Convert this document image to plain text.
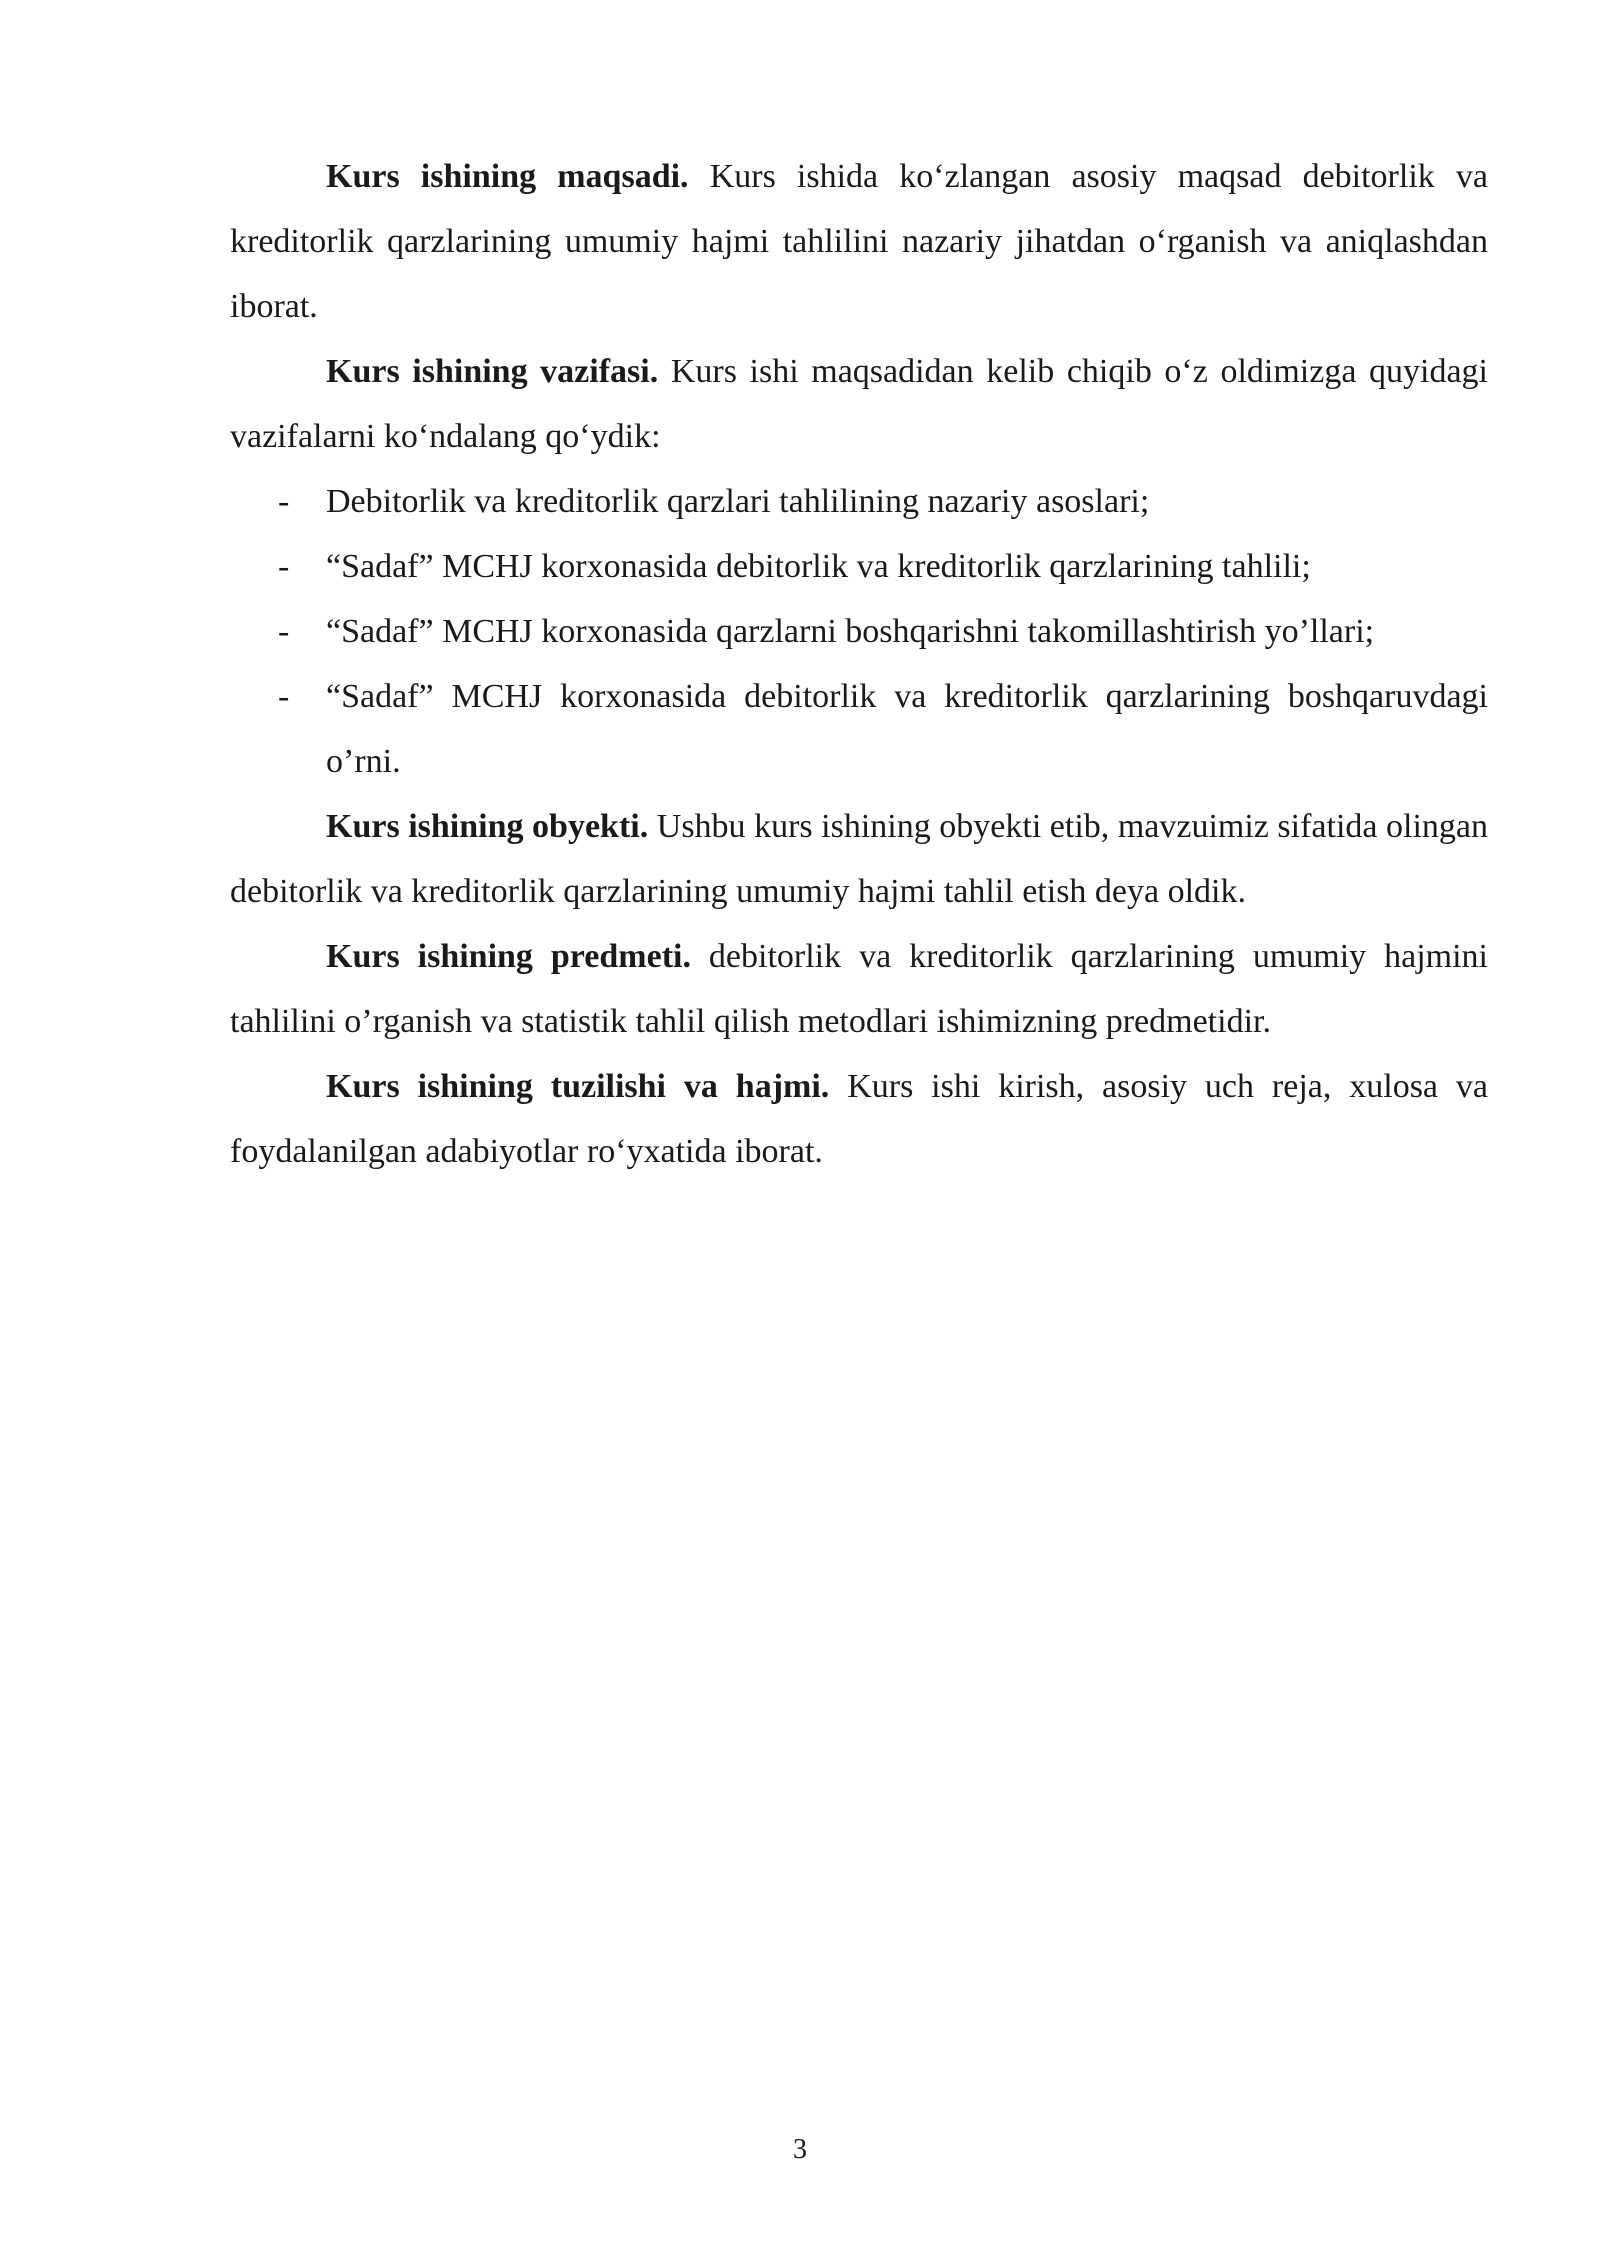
Kurs ishining maqsadi. Kurs ishida ko‘zlangan asosiy maqsad debitorlik va kreditorlik qarzlarining umumiy hajmi tahlilini nazariy jihatdan o‘rganish va aniqlashdan iborat.

Kurs ishining vazifasi. Kurs ishi maqsadidan kelib chiqib o‘z oldimizga quyidagi vazifalarni ko‘ndalang qo‘ydik:

- Debitorlik va kreditorlik qarzlari tahlilining nazariy asoslari;
- “Sadaf” MCHJ korxonasida debitorlik va kreditorlik qarzlarining tahlili;
- “Sadaf” MCHJ korxonasida qarzlarni boshqarishni takomillashtirish yo’llari;
- “Sadaf” MCHJ korxonasida debitorlik va kreditorlik qarzlarining boshqaruvdagi o’rni.

Kurs ishining obyekti. Ushbu kurs ishining obyekti etib, mavzuimiz sifatida olingan debitorlik va kreditorlik qarzlarining umumiy hajmi tahlil etish deya oldik.

Kurs ishining predmeti. debitorlik va kreditorlik qarzlarining umumiy hajmini tahlilini o’rganish va statistik tahlil qilish metodlari ishimizning predmetidir.

Kurs ishining tuzilishi va hajmi. Kurs ishi kirish, asosiy uch reja, xulosa va foydalanilgan adabiyotlar ro‘yxatida iborat.

3
